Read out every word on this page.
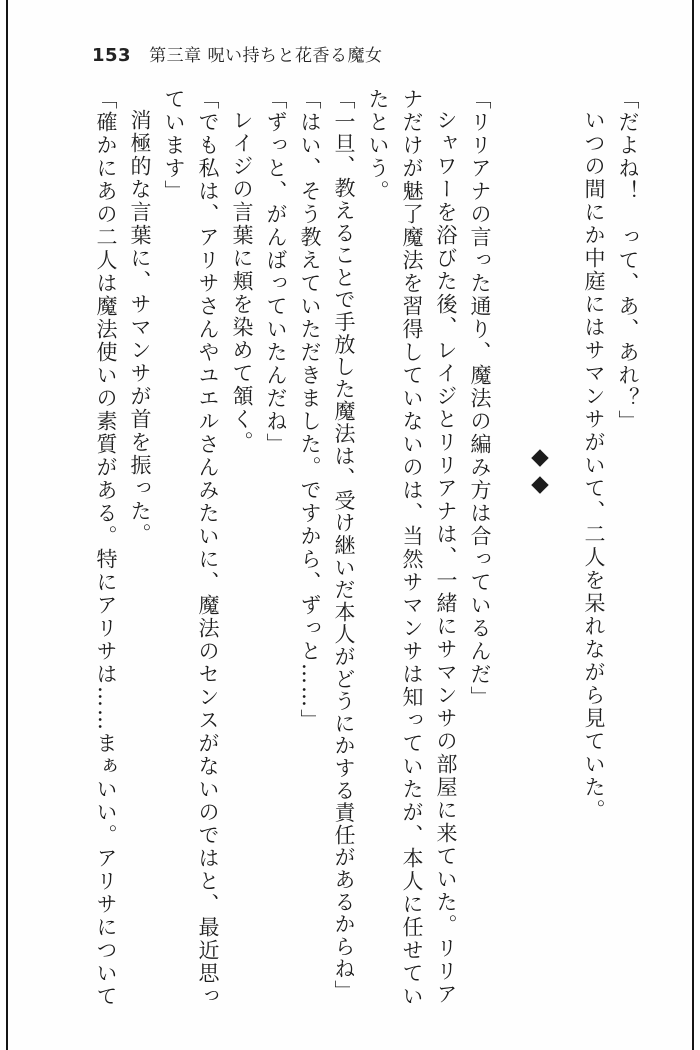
153 第三章 呪い持ちと花香る魔女

「だよね！　って、あ、あれ？」

いつの間にか中庭にはサマンサがいて、二人を呆れながら見ていた。

◆◆

「リリアナの言った通り、魔法の編み方は合っているんだ」

シャワーを浴びた後、レイジとリリアナは、一緒にサマンサの部屋に来ていた。リリアナだけが魅了魔法を習得していないのは、当然サマンサは知っていたが、本人に任せていたという。

「一旦、教えることで手放した魔法は、受け継いだ本人がどうにかする責任があるからね」

「はい、そう教えていただきました。ですから、ずっと……」

「ずっと、がんばっていたんだね」

レイジの言葉に頬を染めて頷く。

「でも私は、アリサさんやユエルさんみたいに、魔法のセンスがないのではと、最近思っています」

消極的な言葉に、サマンサが首を振った。

「確かにあの二人は魔法使いの素質がある。特にアリサは……まぁいい。アリサについて
